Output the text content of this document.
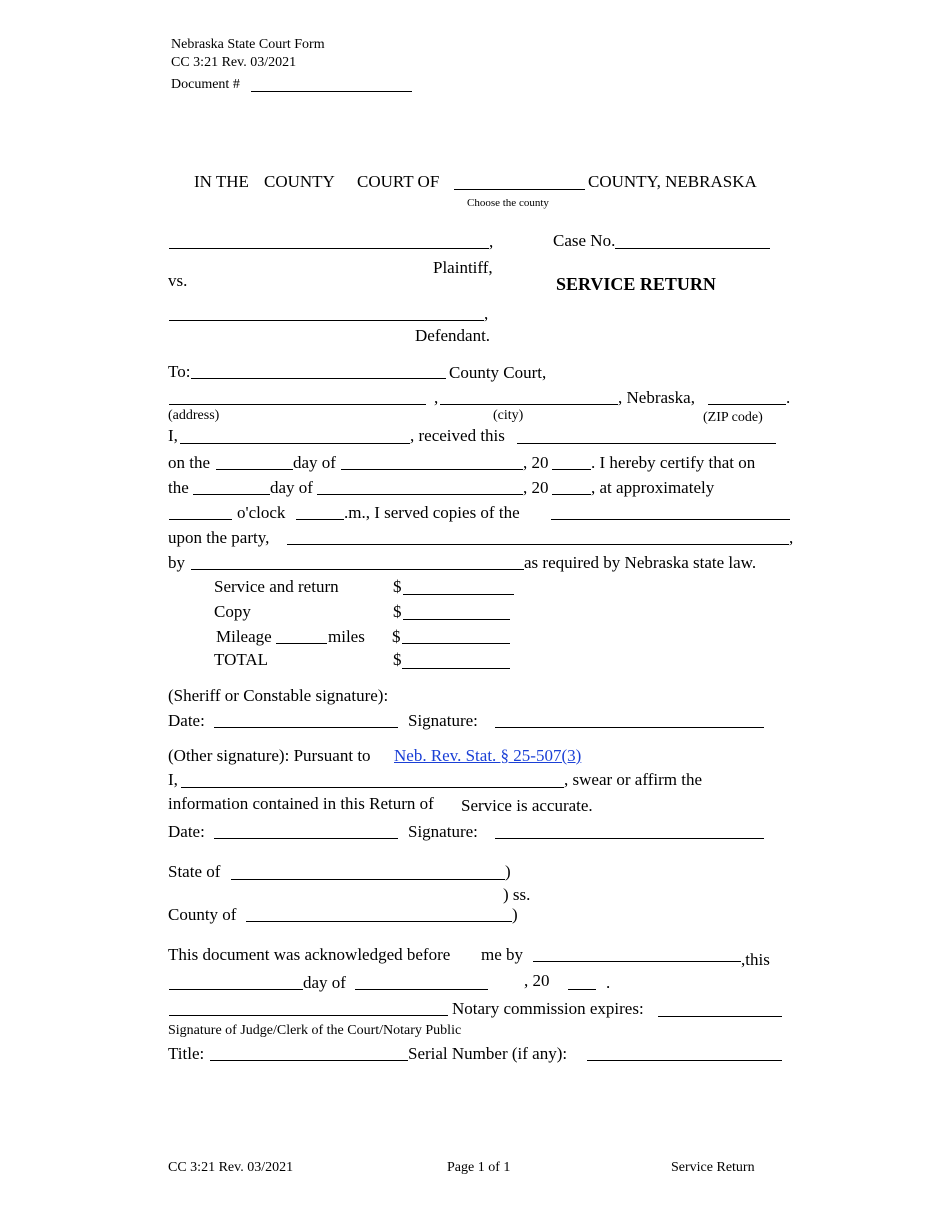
Nebraska State Court Form
CC 3:21 Rev. 03/2021
Document #
IN THE COUNTY COURT OF	COUNTY, NEBRASKA
Choose the county
,	Case No.
Plaintiff,
vs.	SERVICE RETURN
,
Defendant.
To:	County Court,
,	, Nebraska,	.
(address)	(city)	(ZIP code)
I,	, received this
on the	day of	, 20	. I hereby certify that on
the	day of	, 20	, at approximately
o'clock	.m., I served copies of the
upon the party,	,
by	as required by Nebraska state law.
Service and return	$
Copy	$
Mileage	miles $
TOTAL	$
(Sheriff or Constable signature):
Date:	Signature:
(Other signature): Pursuant to Neb. Rev. Stat. § 25-507(3)
I,	, swear or affirm the
information contained in this Return of Service is accurate.
Date:	Signature:
State of	)
) ss.
County of	)
This document was acknowledged before me by	,this
day of	, 20	.
Notary commission expires:
Signature of Judge/Clerk of the Court/Notary Public
Title:	Serial Number (if any):
CC 3:21 Rev. 03/2021	Page 1 of 1	Service Return
